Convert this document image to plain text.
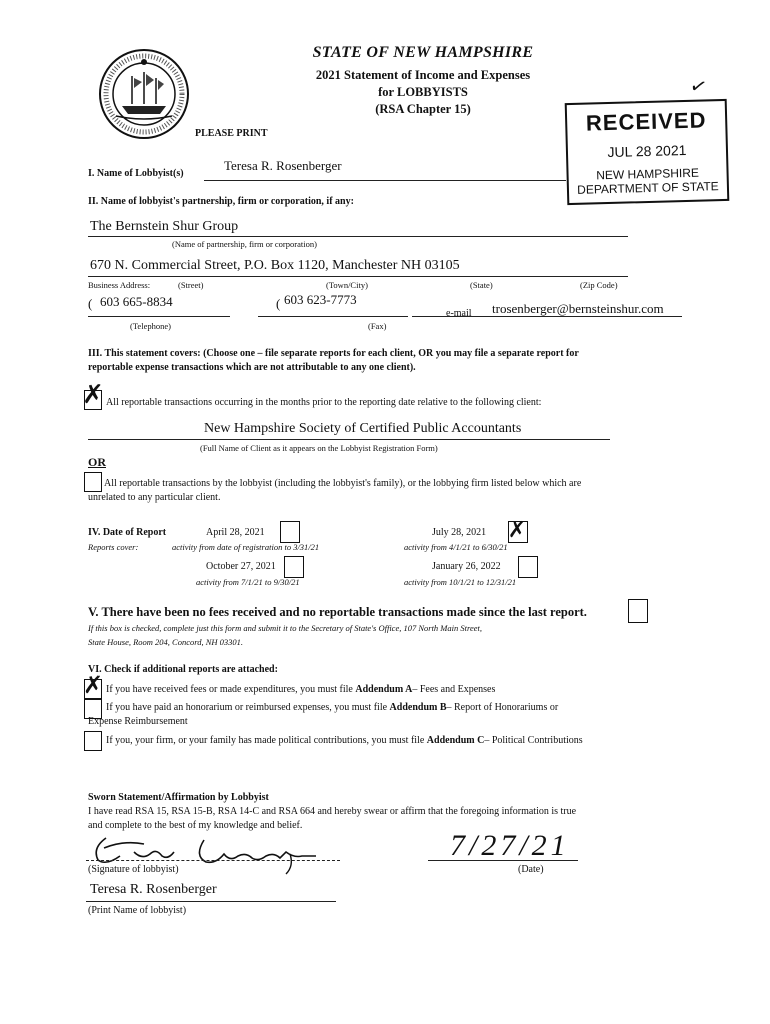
STATE OF NEW HAMPSHIRE
2021 Statement of Income and Expenses
for LOBBYISTS
(RSA Chapter 15)
✓
PLEASE PRINT	RECEIVED
JUL 28 2021
NEW HAMPSHIRE
DEPARTMENT OF STATE
I. Name of Lobbyist(s)
Teresa R. Rosenberger
II. Name of lobbyist's partnership, firm or corporation, if any:
The Bernstein Shur Group
(Name of partnership, firm or corporation)
670 N. Commercial Street, P.O. Box 1120, Manchester NH 03105
Business Address:	(Street)	(Town/City)	(State)	(Zip Code)
( 603 665-8834
(Telephone)
( 603 623-7773
(Fax)
e-mail trosenberger@bernsteinshur.com
III. This statement covers: (Choose one – file separate reports for each client, OR you may file a separate report for
reportable expense transactions which are not attributable to any one client).
✗ All reportable transactions occurring in the months prior to the reporting date relative to the following client:
New Hampshire Society of Certified Public Accountants
(Full Name of Client as it appears on the Lobbyist Registration Form)
OR
All reportable transactions by the lobbyist (including the lobbyist's family), or the lobbying firm listed below which are
unrelated to any particular client.
IV. Date of Report
Reports cover:
April 28, 2021
activity from date of registration to 3/31/21
July 28, 2021 ✗
activity from 4/1/21 to 6/30/21
October 27, 2021
activity from 7/1/21 to 9/30/21
January 26, 2022
activity from 10/1/21 to 12/31/21
V. There have been no fees received and no reportable transactions made since the last report.
If this box is checked, complete just this form and submit it to the Secretary of State's Office, 107 North Main Street,
State House, Room 204, Concord, NH 03301.
VI. Check if additional reports are attached:
✗ If you have received fees or made expenditures, you must file Addendum A– Fees and Expenses
If you have paid an honorarium or reimbursed expenses, you must file Addendum B– Report of Honorariums or
Expense Reimbursement
If you, your firm, or your family has made political contributions, you must file Addendum C– Political Contributions
Sworn Statement/Affirmation by Lobbyist
I have read RSA 15, RSA 15-B, RSA 14-C and RSA 664 and hereby swear or affirm that the foregoing information is true
and complete to the best of my knowledge and belief.
(Signature of lobbyist)
7/27/21
(Date)
Teresa R. Rosenberger
(Print Name of lobbyist)
